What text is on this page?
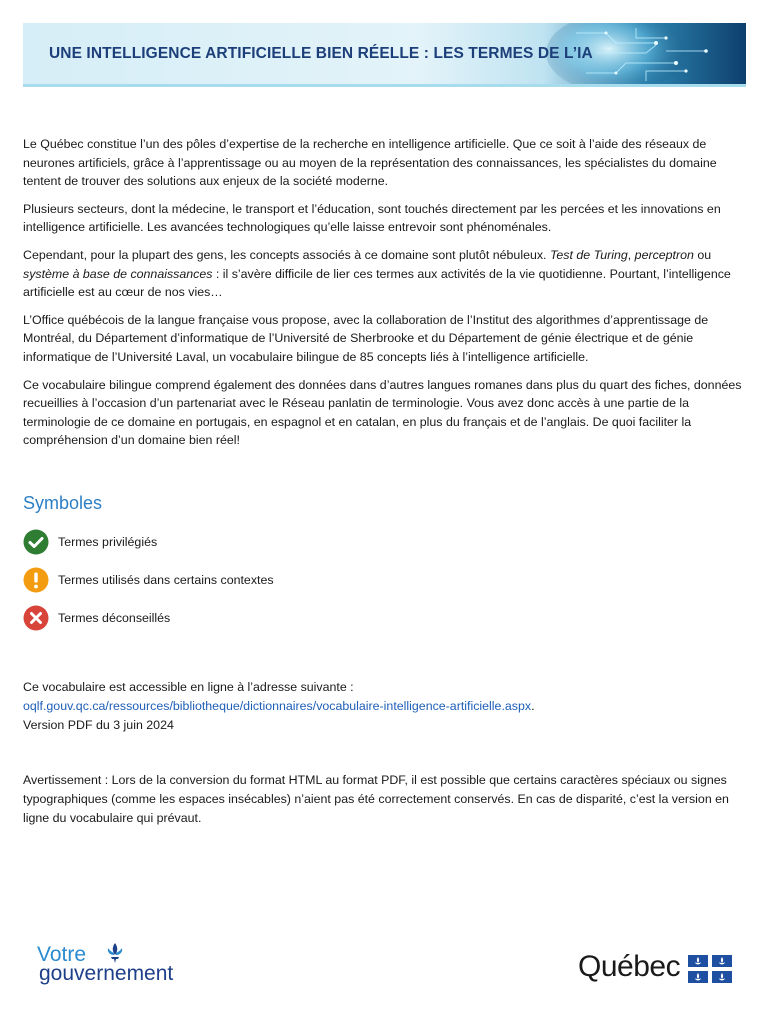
UNE INTELLIGENCE ARTIFICIELLE BIEN RÉELLE : LES TERMES DE L’IA

Le Québec constitue l’un des pôles d’expertise de la recherche en intelligence artificielle. Que ce soit à l’aide des réseaux de neurones artificiels, grâce à l’apprentissage ou au moyen de la représentation des connaissances, les spécialistes du domaine tentent de trouver des solutions aux enjeux de la société moderne.

Plusieurs secteurs, dont la médecine, le transport et l’éducation, sont touchés directement par les percées et les innovations en intelligence artificielle. Les avancées technologiques qu’elle laisse entrevoir sont phénoménales.

Cependant, pour la plupart des gens, les concepts associés à ce domaine sont plutôt nébuleux. Test de Turing, perceptron ou système à base de connaissances : il s’avère difficile de lier ces termes aux activités de la vie quotidienne. Pourtant, l’intelligence artificielle est au cœur de nos vies…

L’Office québécois de la langue française vous propose, avec la collaboration de l’Institut des algorithmes d’apprentissage de Montréal, du Département d’informatique de l’Université de Sherbrooke et du Département de génie électrique et de génie informatique de l’Université Laval, un vocabulaire bilingue de 85 concepts liés à l’intelligence artificielle.

Ce vocabulaire bilingue comprend également des données dans d’autres langues romanes dans plus du quart des fiches, données recueillies à l’occasion d’un partenariat avec le Réseau panlatin de terminologie. Vous avez donc accès à une partie de la terminologie de ce domaine en portugais, en espagnol et en catalan, en plus du français et de l’anglais. De quoi faciliter la compréhension d’un domaine bien réel!

Symboles
Termes privilégiés
Termes utilisés dans certains contextes
Termes déconseillés
Ce vocabulaire est accessible en ligne à l’adresse suivante :
oqlf.gouv.qc.ca/ressources/bibliotheque/dictionnaires/vocabulaire-intelligence-artificielle.aspx.
Version PDF du 3 juin 2024
Avertissement : Lors de la conversion du format HTML au format PDF, il est possible que certains caractères spéciaux ou signes typographiques (comme les espaces insécables) n’aient pas été correctement conservés. En cas de disparité, c’est la version en ligne du vocabulaire qui prévaut.
Votre
gouvernement	Québec
